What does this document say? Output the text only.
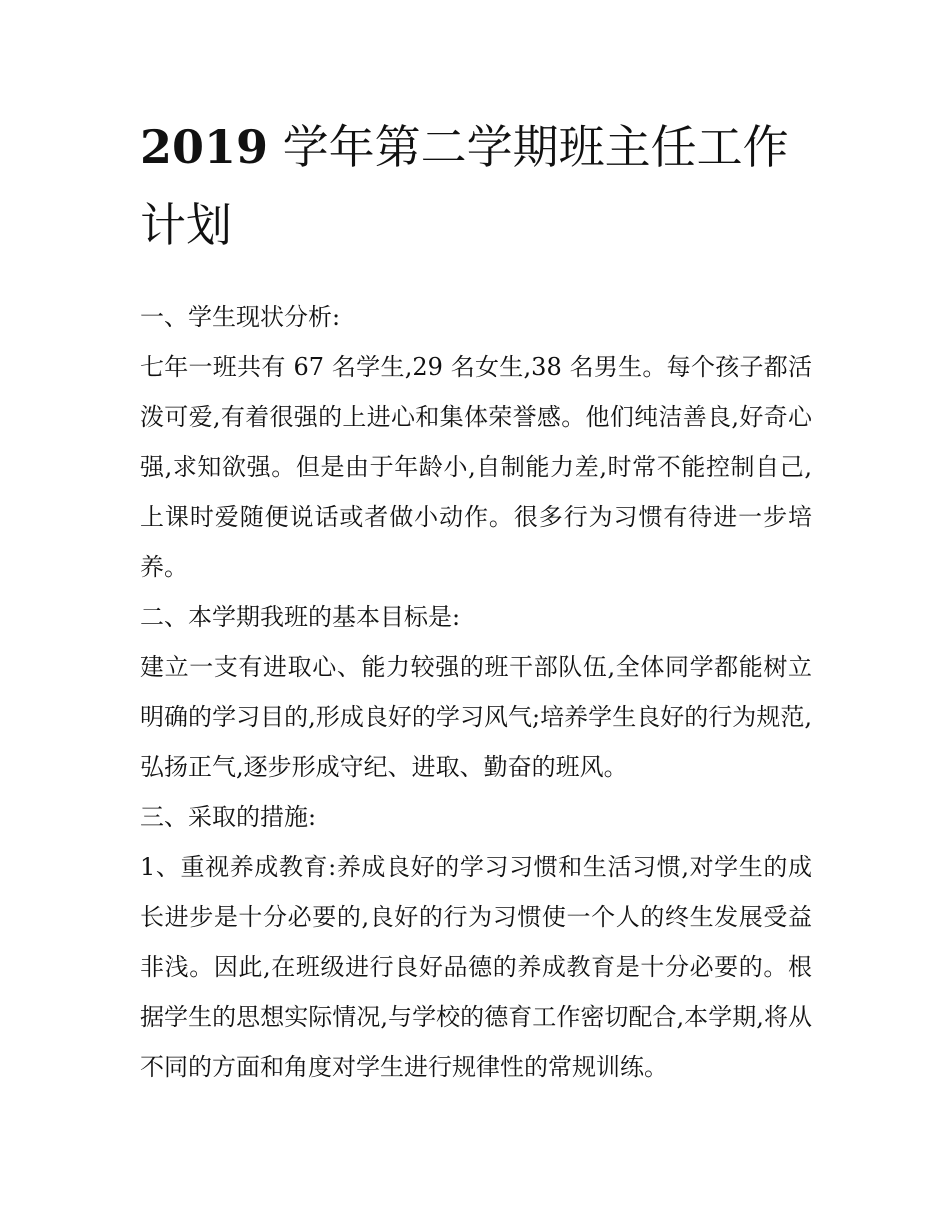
2019 学年第二学期班主任工作计划

一、学生现状分析:

七年一班共有 67 名学生,29 名女生,38 名男生。每个孩子都活泼可爱,有着很强的上进心和集体荣誉感。他们纯洁善良,好奇心强,求知欲强。但是由于年龄小,自制能力差,时常不能控制自己,上课时爱随便说话或者做小动作。很多行为习惯有待进一步培养。

二、本学期我班的基本目标是:

建立一支有进取心、能力较强的班干部队伍,全体同学都能树立明确的学习目的,形成良好的学习风气;培养学生良好的行为规范,弘扬正气,逐步形成守纪、进取、勤奋的班风。

三、采取的措施:

1、重视养成教育:养成良好的学习习惯和生活习惯,对学生的成长进步是十分必要的,良好的行为习惯使一个人的终生发展受益非浅。因此,在班级进行良好品德的养成教育是十分必要的。根据学生的思想实际情况,与学校的德育工作密切配合,本学期,将从不同的方面和角度对学生进行规律性的常规训练。
